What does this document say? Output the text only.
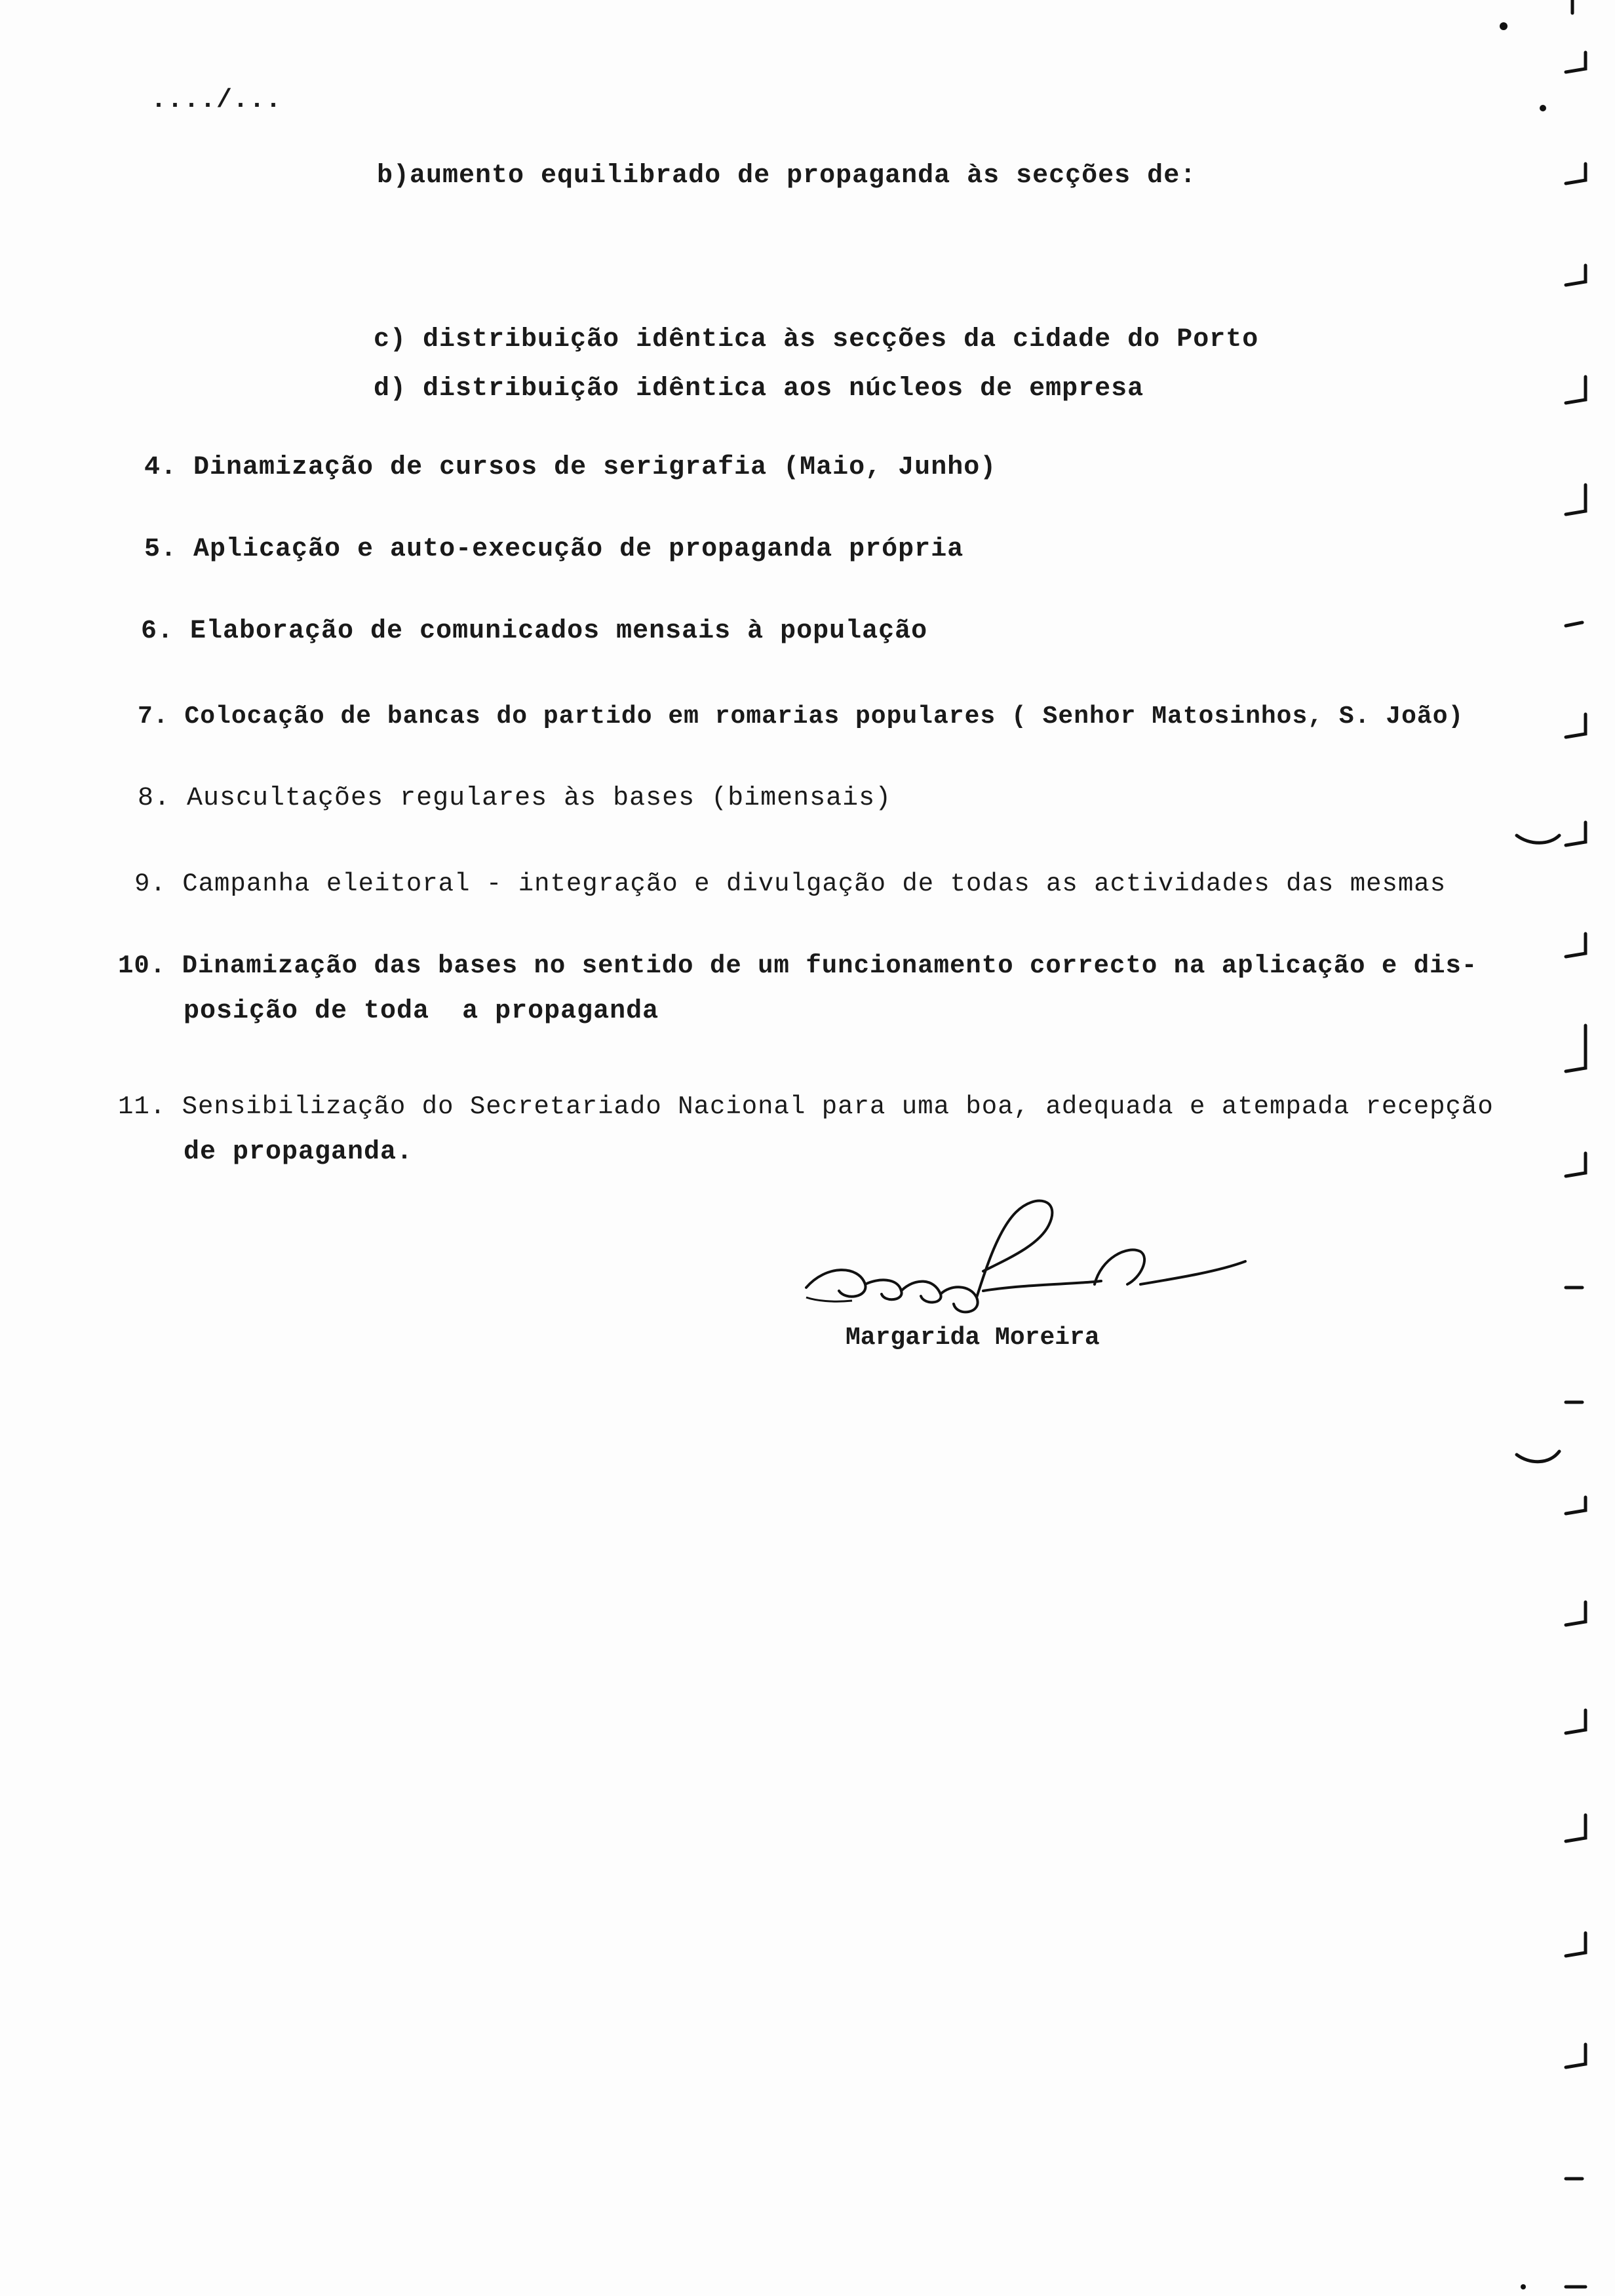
..../...
b)aumento equilibrado de propaganda às secções de:
c) distribuição idêntica às secções da cidade do Porto
d) distribuição idêntica aos núcleos de empresa
4. Dinamização de cursos de serigrafia (Maio, Junho)
5. Aplicação e auto-execução de propaganda própria
6. Elaboração de comunicados mensais à população
7. Colocação de bancas do partido em romarias populares ( Senhor Matosinhos, S. João)
8. Auscultações regulares às bases (bimensais)
9. Campanha eleitoral - integração e divulgação de todas as actividades das mesmas
10. Dinamização das bases no sentido de um funcionamento correcto na aplicação e dis-
posição de toda  a propaganda
11. Sensibilização do Secretariado Nacional para uma boa, adequada e atempada recepção
de propaganda.
Margarida Moreira
